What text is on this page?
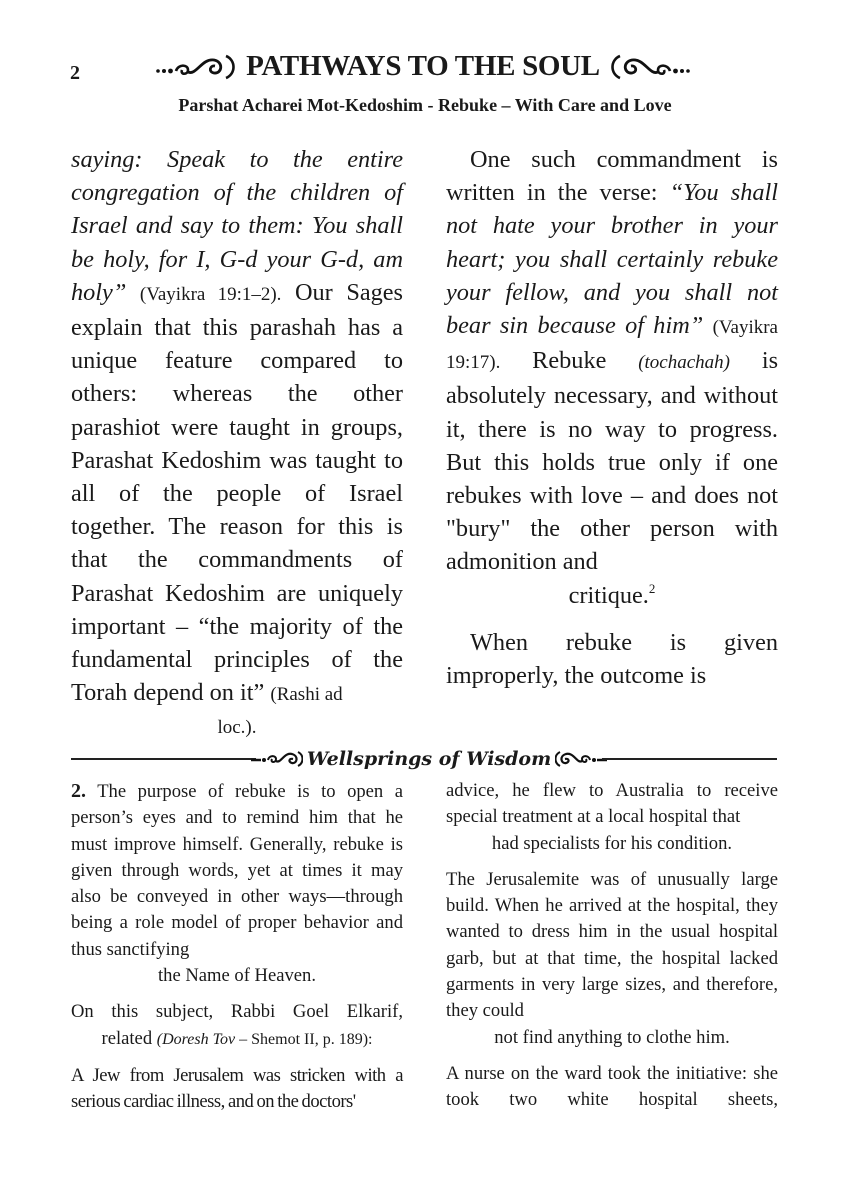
2	PATHWAYS TO THE SOUL
Parshat Acharei Mot-Kedoshim - Rebuke – With Care and Love

saying: Speak to the entire congregation of the children of Israel and say to them: You shall be holy, for I, G-d your G-d, am holy” (Vayikra 19:1–2). Our Sages explain that this parashah has a unique feature compared to others: whereas the other parashiot were taught in groups, Parashat Kedoshim was taught to all of the people of Israel together. The reason for this is that the commandments of Parashat Kedoshim are uniquely important – “the majority of the fundamental principles of the Torah depend on it” (Rashi ad

loc.).

One such commandment is written in the verse: “You shall not hate your brother in your heart; you shall certainly rebuke your fellow, and you shall not bear sin because of him” (Vayikra 19:17). Rebuke (tochachah) is absolutely necessary, and without it, there is no way to progress. But this holds true only if one rebukes with love – and does not "bury" the other person with admonition and

critique.$^2$

When rebuke is given improperly, the outcome is

Wellsprings of Wisdom

2. The purpose of rebuke is to open a person’s eyes and to remind him that he must improve himself. Generally, rebuke is given through words, yet at times it may also be conveyed in other ways—through being a role model of proper behavior and thus sanctifying

the Name of Heaven.

On this subject, Rabbi Goel Elkarif,

related (Doresh Tov – Shemot II, p. 189):

A Jew from Jerusalem was stricken with a serious cardiac illness, and on the doctors'

advice, he flew to Australia to receive special treatment at a local hospital that

had specialists for his condition.

The Jerusalemite was of unusually large build. When he arrived at the hospital, they wanted to dress him in the usual hospital garb, but at that time, the hospital lacked garments in very large sizes, and therefore, they could

not find anything to clothe him.

A nurse on the ward took the initiative: she took two white hospital sheets,
